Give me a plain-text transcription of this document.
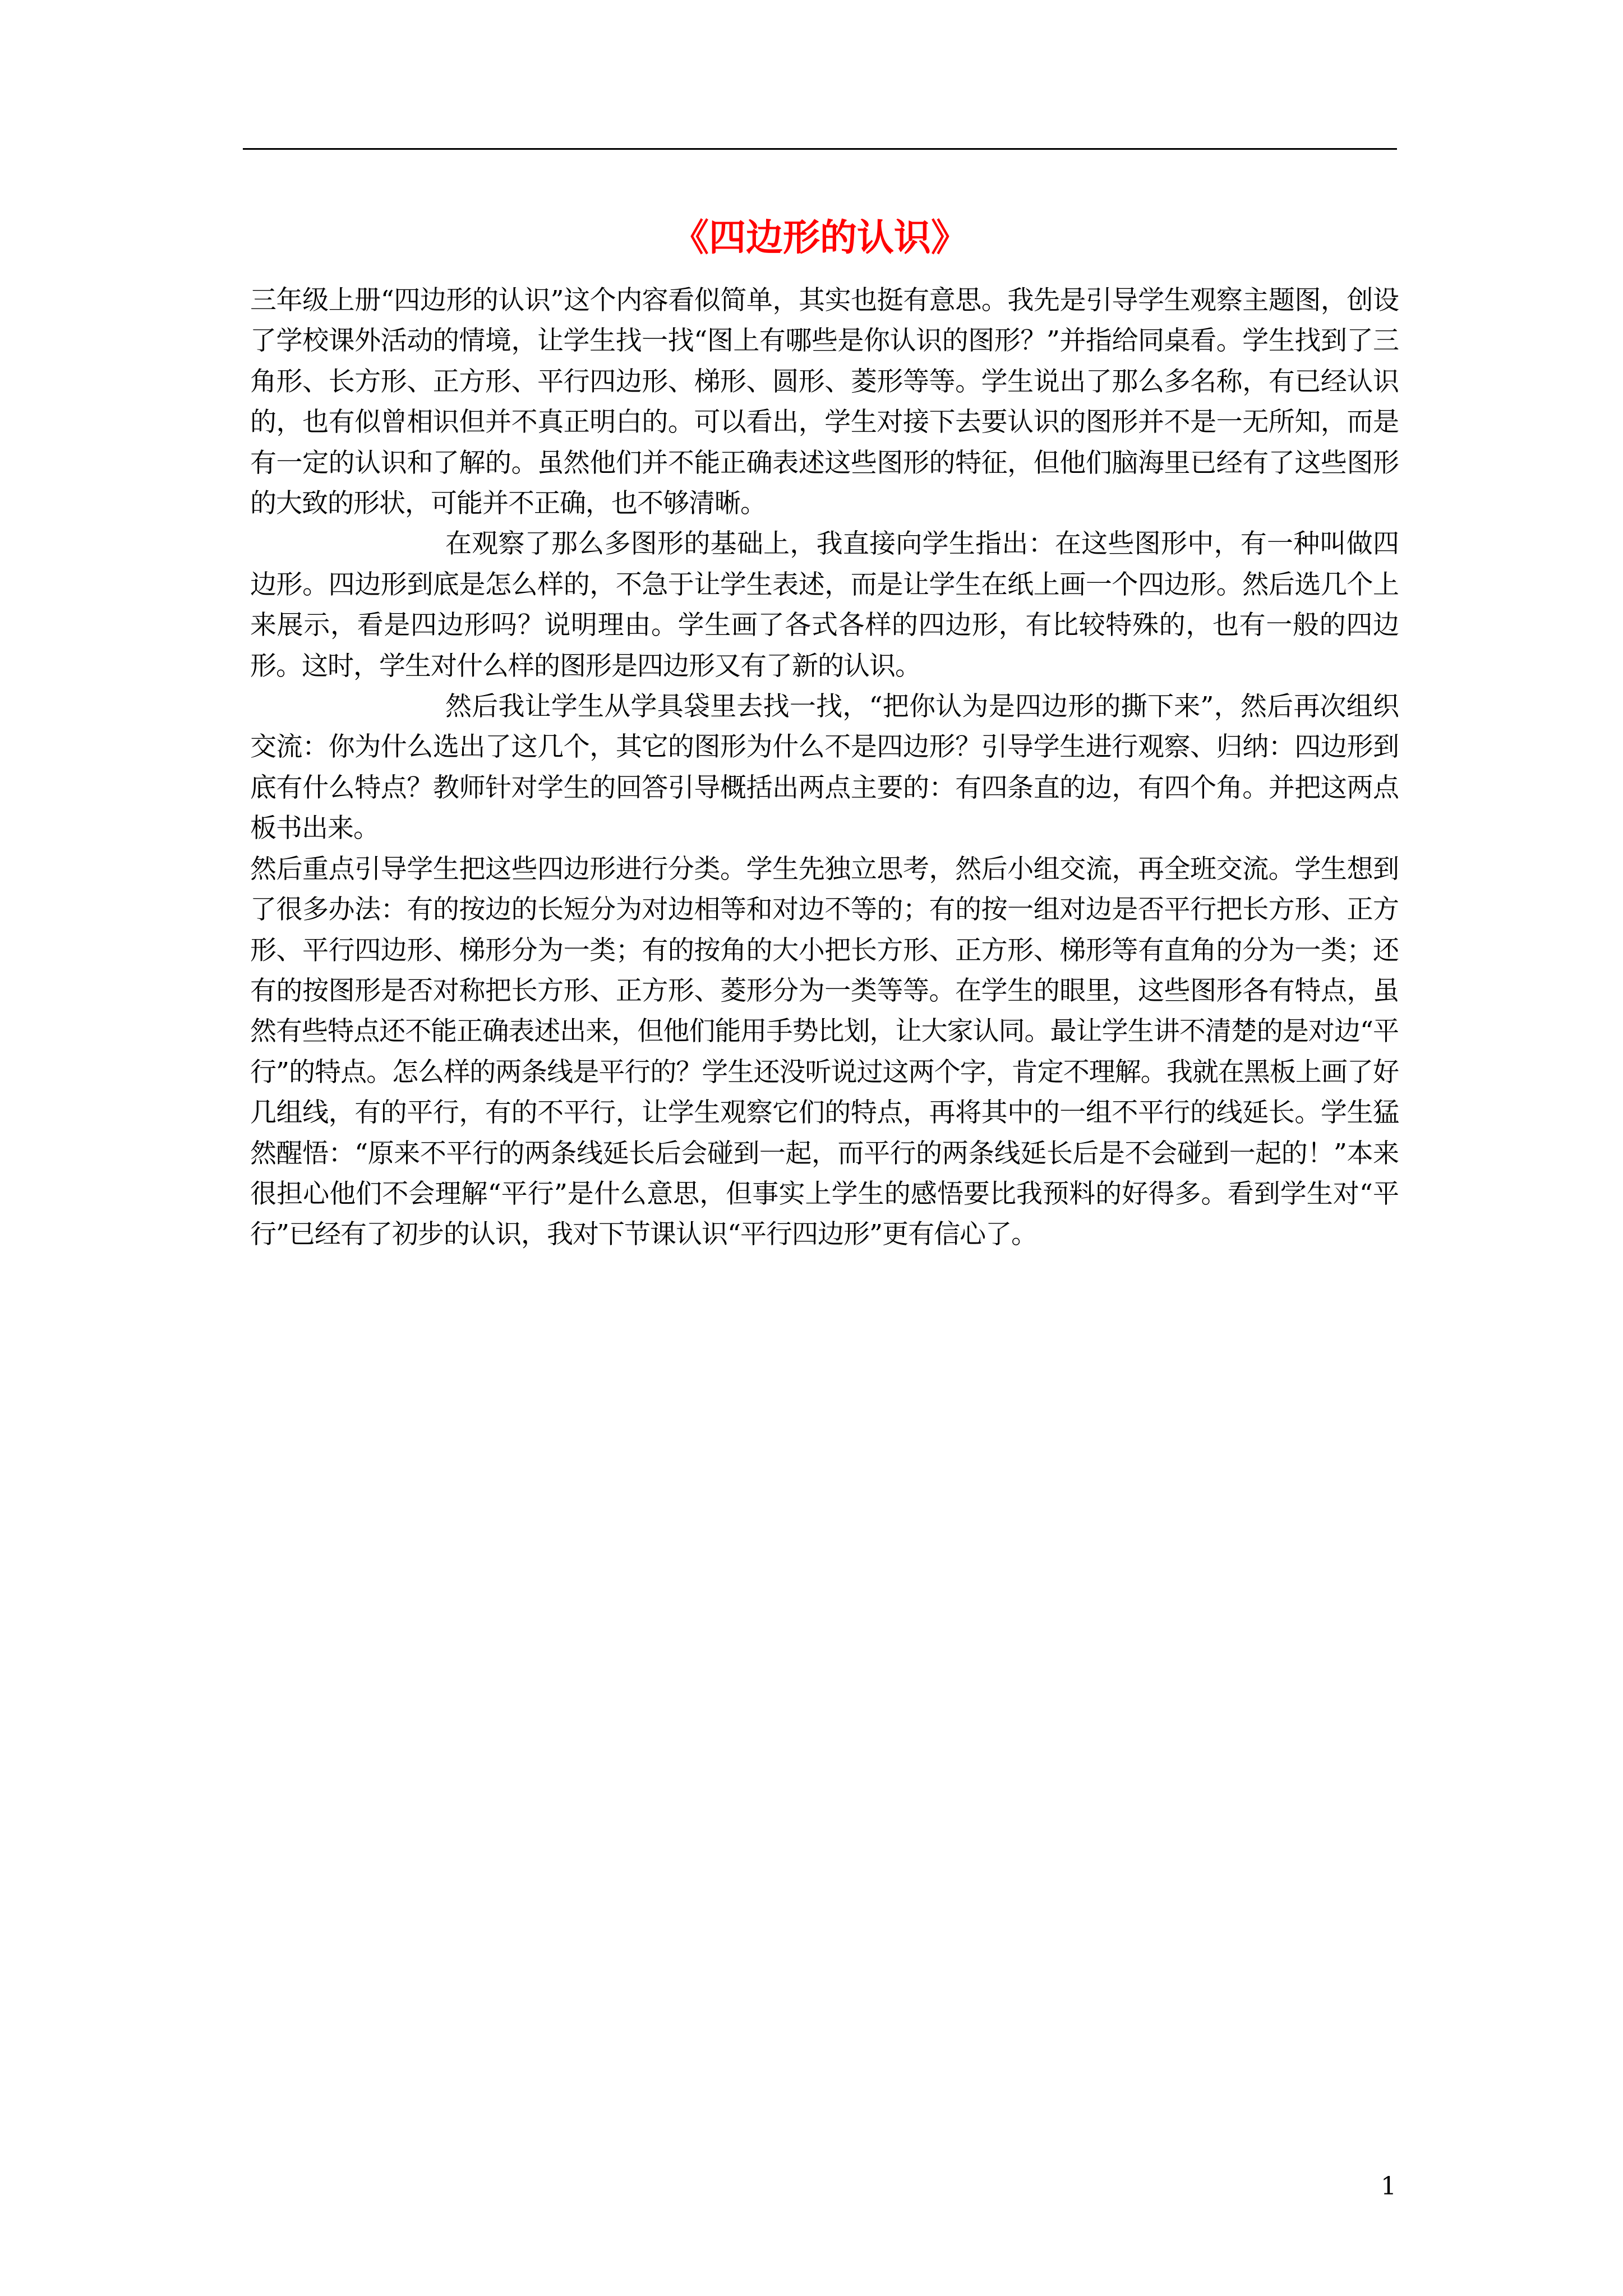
《四边形的认识》

三年级上册“四边形的认识”这个内容看似简单，其实也挺有意思。我先是引导学生观察主题图，创设了学校课外活动的情境，让学生找一找“图上有哪些是你认识的图形？”并指给同桌看。学生找到了三角形、长方形、正方形、平行四边形、梯形、圆形、菱形等等。学生说出了那么多名称，有已经认识的，也有似曾相识但并不真正明白的。可以看出，学生对接下去要认识的图形并不是一无所知，而是有一定的认识和了解的。虽然他们并不能正确表述这些图形的特征，但他们脑海里已经有了这些图形的大致的形状，可能并不正确，也不够清晰。

在观察了那么多图形的基础上，我直接向学生指出：在这些图形中，有一种叫做四边形。四边形到底是怎么样的，不急于让学生表述，而是让学生在纸上画一个四边形。然后选几个上来展示，看是四边形吗？说明理由。学生画了各式各样的四边形，有比较特殊的，也有一般的四边形。这时，学生对什么样的图形是四边形又有了新的认识。

然后我让学生从学具袋里去找一找，“把你认为是四边形的撕下来”，然后再次组织交流：你为什么选出了这几个，其它的图形为什么不是四边形？引导学生进行观察、归纳：四边形到底有什么特点？教师针对学生的回答引导概括出两点主要的：有四条直的边，有四个角。并把这两点板书出来。

然后重点引导学生把这些四边形进行分类。学生先独立思考，然后小组交流，再全班交流。学生想到了很多办法：有的按边的长短分为对边相等和对边不等的；有的按一组对边是否平行把长方形、正方形、平行四边形、梯形分为一类；有的按角的大小把长方形、正方形、梯形等有直角的分为一类；还有的按图形是否对称把长方形、正方形、菱形分为一类等等。在学生的眼里，这些图形各有特点，虽然有些特点还不能正确表述出来，但他们能用手势比划，让大家认同。最让学生讲不清楚的是对边“平行”的特点。怎么样的两条线是平行的？学生还没听说过这两个字，肯定不理解。我就在黑板上画了好几组线，有的平行，有的不平行，让学生观察它们的特点，再将其中的一组不平行的线延长。学生猛然醒悟：“原来不平行的两条线延长后会碰到一起，而平行的两条线延长后是不会碰到一起的！”本来很担心他们不会理解“平行”是什么意思，但事实上学生的感悟要比我预料的好得多。看到学生对“平行”已经有了初步的认识，我对下节课认识“平行四边形”更有信心了。

1
